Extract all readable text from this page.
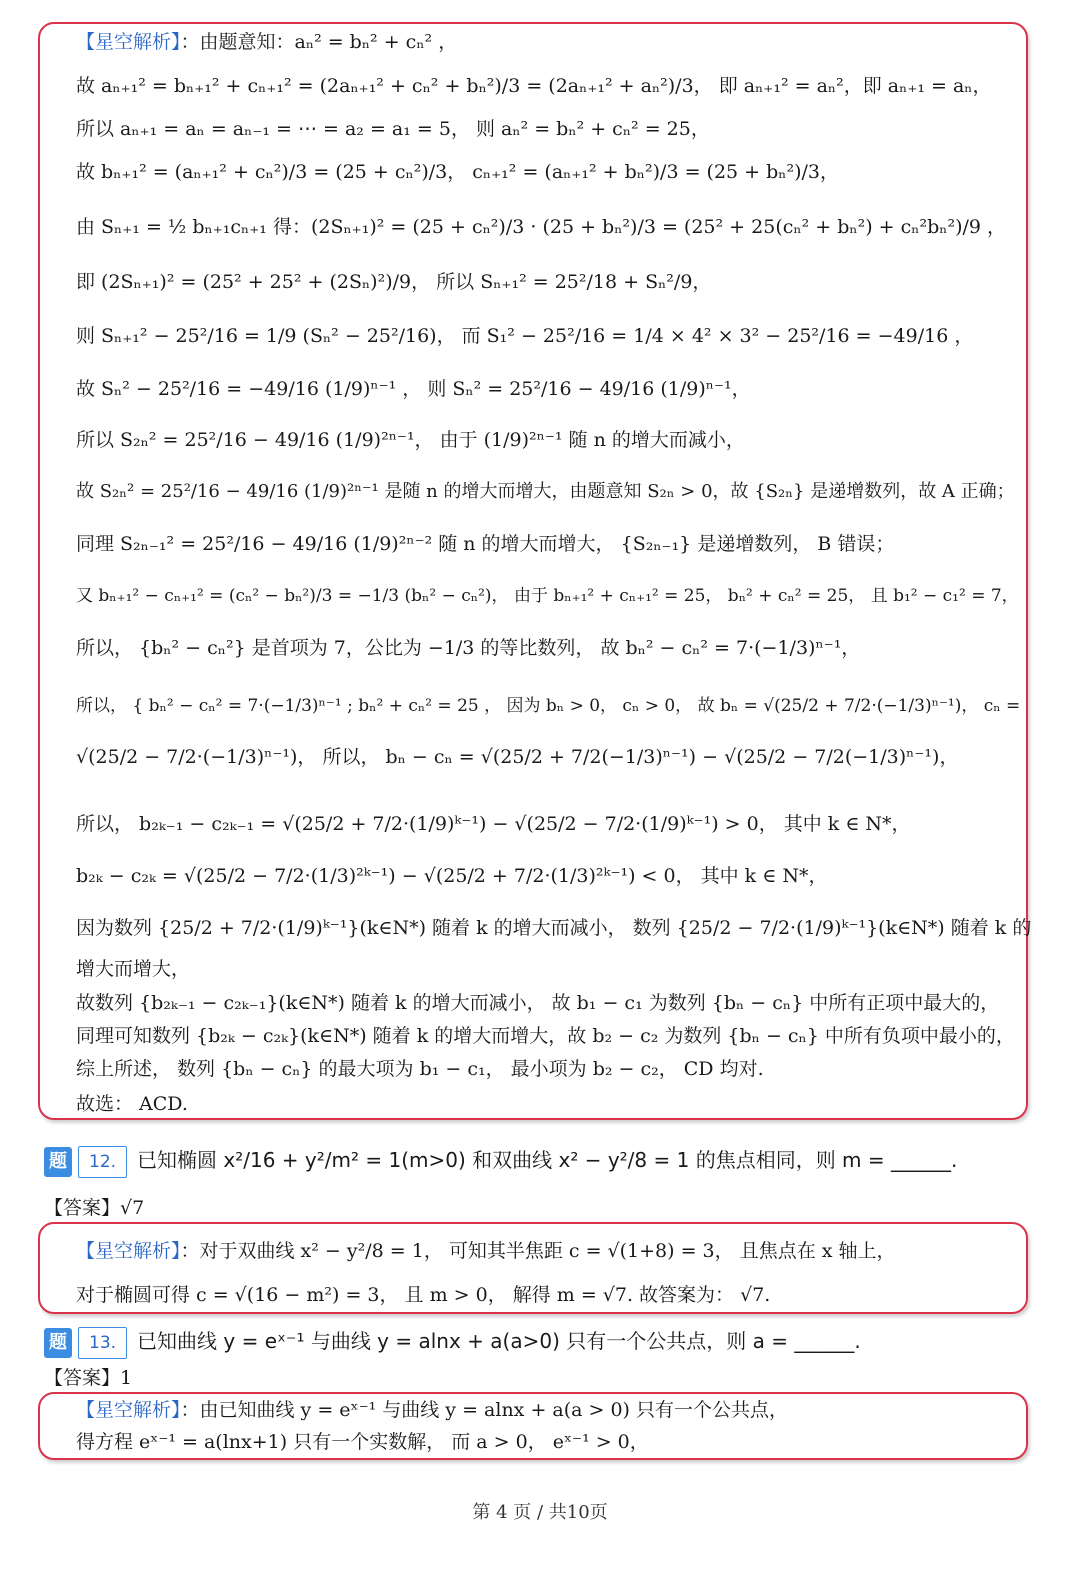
【星空解析】：由题意知：aₙ² = bₙ² + cₙ² ，
故 aₙ₊₁² = bₙ₊₁² + cₙ₊₁² = (2aₙ₊₁² + cₙ² + bₙ²)/3 = (2aₙ₊₁² + aₙ²)/3， 即 aₙ₊₁² = aₙ²，即 aₙ₊₁ = aₙ，
所以 aₙ₊₁ = aₙ = aₙ₋₁ = ⋯ = a₂ = a₁ = 5， 则 aₙ² = bₙ² + cₙ² = 25，
故 bₙ₊₁² = (aₙ₊₁² + cₙ²)/3 = (25 + cₙ²)/3， cₙ₊₁² = (aₙ₊₁² + bₙ²)/3 = (25 + bₙ²)/3，
由 Sₙ₊₁ = ½ bₙ₊₁cₙ₊₁ 得：(2Sₙ₊₁)² = (25 + cₙ²)/3 · (25 + bₙ²)/3 = (25² + 25(cₙ² + bₙ²) + cₙ²bₙ²)/9 ，
即 (2Sₙ₊₁)² = (25² + 25² + (2Sₙ)²)/9， 所以 Sₙ₊₁² = 25²/18 + Sₙ²/9，
则 Sₙ₊₁² − 25²/16 = 1/9 (Sₙ² − 25²/16)， 而 S₁² − 25²/16 = 1/4 × 4² × 3² − 25²/16 = −49/16 ，
故 Sₙ² − 25²/16 = −49/16 (1/9)ⁿ⁻¹ ， 则 Sₙ² = 25²/16 − 49/16 (1/9)ⁿ⁻¹，
所以 S₂ₙ² = 25²/16 − 49/16 (1/9)²ⁿ⁻¹， 由于 (1/9)²ⁿ⁻¹ 随 n 的增大而减小，
故 S₂ₙ² = 25²/16 − 49/16 (1/9)²ⁿ⁻¹ 是随 n 的增大而增大，由题意知 S₂ₙ > 0，故 {S₂ₙ} 是递增数列，故 A 正确；
同理 S₂ₙ₋₁² = 25²/16 − 49/16 (1/9)²ⁿ⁻² 随 n 的增大而增大， {S₂ₙ₋₁} 是递增数列， B 错误；
又 bₙ₊₁² − cₙ₊₁² = (cₙ² − bₙ²)/3 = −1/3 (bₙ² − cₙ²)， 由于 bₙ₊₁² + cₙ₊₁² = 25， bₙ² + cₙ² = 25， 且 b₁² − c₁² = 7，
所以， {bₙ² − cₙ²} 是首项为 7，公比为 −1/3 的等比数列， 故 bₙ² − cₙ² = 7·(−1/3)ⁿ⁻¹，
所以， { bₙ² − cₙ² = 7·(−1/3)ⁿ⁻¹ ; bₙ² + cₙ² = 25 ， 因为 bₙ > 0， cₙ > 0， 故 bₙ = √(25/2 + 7/2·(−1/3)ⁿ⁻¹)， cₙ =
√(25/2 − 7/2·(−1/3)ⁿ⁻¹)， 所以， bₙ − cₙ = √(25/2 + 7/2(−1/3)ⁿ⁻¹) − √(25/2 − 7/2(−1/3)ⁿ⁻¹)，
所以， b₂ₖ₋₁ − c₂ₖ₋₁ = √(25/2 + 7/2·(1/9)ᵏ⁻¹) − √(25/2 − 7/2·(1/9)ᵏ⁻¹) > 0， 其中 k ∈ N*，
b₂ₖ − c₂ₖ = √(25/2 − 7/2·(1/3)²ᵏ⁻¹) − √(25/2 + 7/2·(1/3)²ᵏ⁻¹) < 0， 其中 k ∈ N*，
因为数列 {25/2 + 7/2·(1/9)ᵏ⁻¹}(k∈N*) 随着 k 的增大而减小， 数列 {25/2 − 7/2·(1/9)ᵏ⁻¹}(k∈N*) 随着 k 的
增大而增大，
故数列 {b₂ₖ₋₁ − c₂ₖ₋₁}(k∈N*) 随着 k 的增大而减小， 故 b₁ − c₁ 为数列 {bₙ − cₙ} 中所有正项中最大的，
同理可知数列 {b₂ₖ − c₂ₖ}(k∈N*) 随着 k 的增大而增大，故 b₂ − c₂ 为数列 {bₙ − cₙ} 中所有负项中最小的，
综上所述， 数列 {bₙ − cₙ} 的最大项为 b₁ − c₁， 最小项为 b₂ − c₂， CD 均对.
故选： ACD.
题 12. 已知椭圆 x²/16 + y²/m² = 1(m>0) 和双曲线 x² − y²/8 = 1 的焦点相同，则 m = ______.
【答案】√7
【星空解析】：对于双曲线 x² − y²/8 = 1， 可知其半焦距 c = √(1+8) = 3， 且焦点在 x 轴上，
对于椭圆可得 c = √(16 − m²) = 3， 且 m > 0， 解得 m = √7. 故答案为： √7.
题 13. 已知曲线 y = eˣ⁻¹ 与曲线 y = alnx + a(a>0) 只有一个公共点，则 a = ______.
【答案】1
【星空解析】：由已知曲线 y = eˣ⁻¹ 与曲线 y = alnx + a(a > 0) 只有一个公共点，
得方程 eˣ⁻¹ = a(lnx+1) 只有一个实数解， 而 a > 0， eˣ⁻¹ > 0，
第 4 页 / 共10页
